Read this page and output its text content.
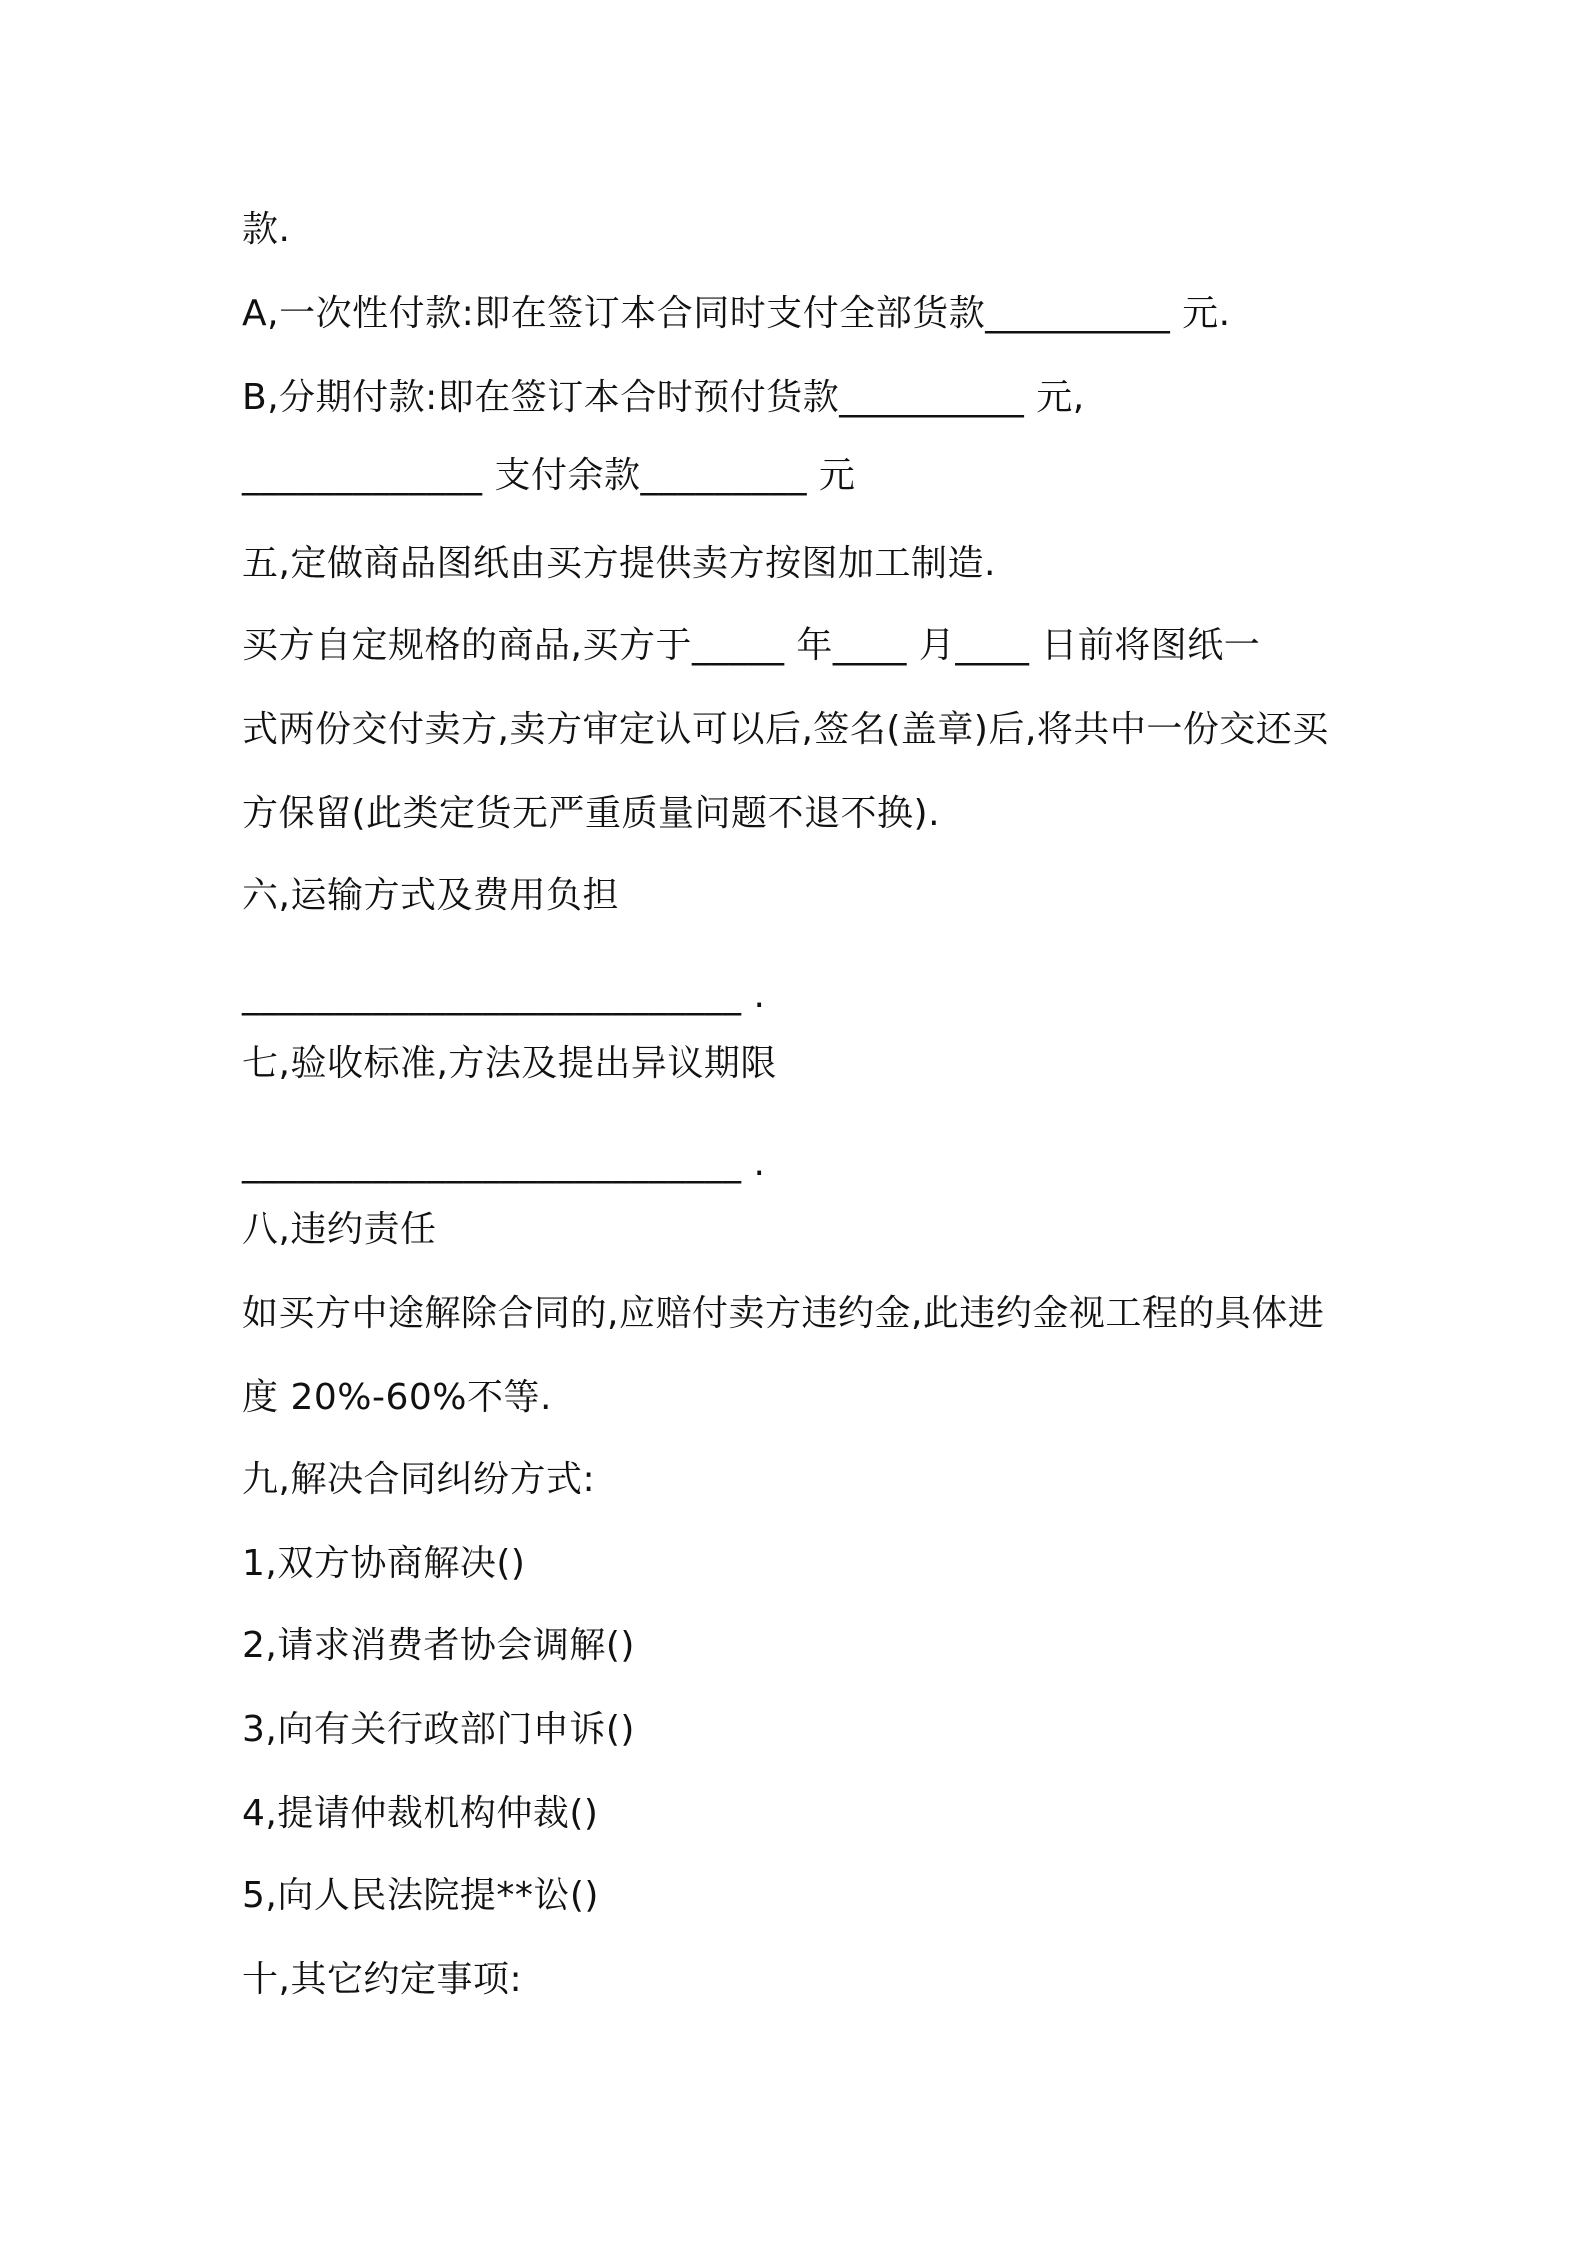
款.
A,一次性付款:即在签订本合同时支付全部货款__________ 元.
B,分期付款:即在签订本合时预付货款__________ 元,
_____________ 支付余款_________ 元
五,定做商品图纸由买方提供卖方按图加工制造.
买方自定规格的商品,买方于_____ 年____ 月____ 日前将图纸一
式两份交付卖方,卖方审定认可以后,签名(盖章)后,将共中一份交还买
方保留(此类定货无严重质量问题不退不换).
六,运输方式及费用负担
___________________________ .
七,验收标准,方法及提出异议期限
___________________________ .
八,违约责任
如买方中途解除合同的,应赔付卖方违约金,此违约金视工程的具体进
度 20%-60%不等.
九,解决合同纠纷方式:
1,双方协商解决()
2,请求消费者协会调解()
3,向有关行政部门申诉()
4,提请仲裁机构仲裁()
5,向人民法院提**讼()
十,其它约定事项:
